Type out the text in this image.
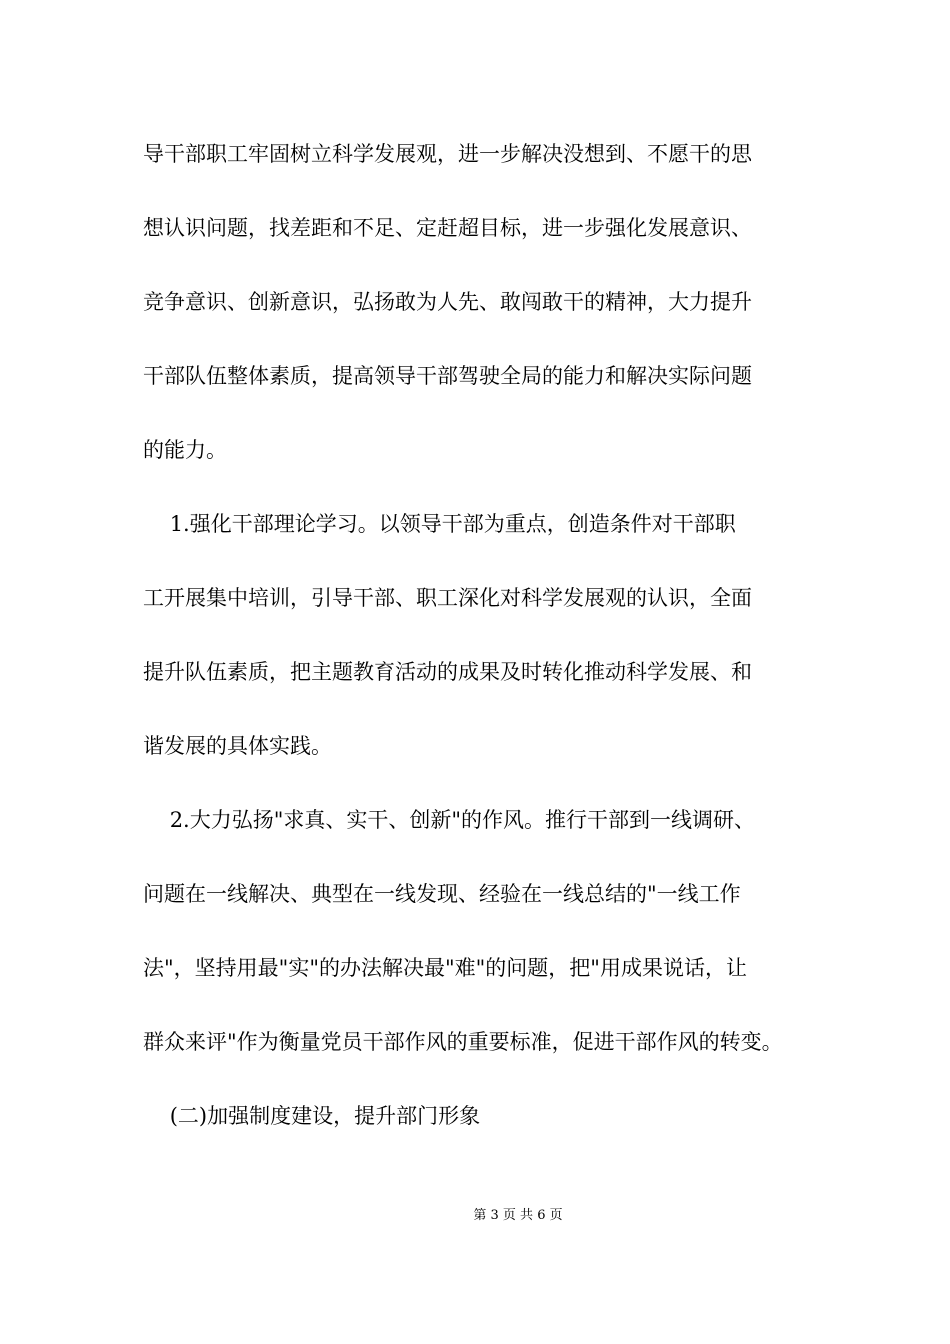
导干部职工牢固树立科学发展观，进一步解决没想到、不愿干的思
想认识问题，找差距和不足、定赶超目标，进一步强化发展意识、
竞争意识、创新意识，弘扬敢为人先、敢闯敢干的精神，大力提升
干部队伍整体素质，提高领导干部驾驶全局的能力和解决实际问题
的能力。
1.强化干部理论学习。以领导干部为重点，创造条件对干部职
工开展集中培训，引导干部、职工深化对科学发展观的认识，全面
提升队伍素质，把主题教育活动的成果及时转化推动科学发展、和
谐发展的具体实践。
2.大力弘扬"求真、实干、创新"的作风。推行干部到一线调研、
问题在一线解决、典型在一线发现、经验在一线总结的"一线工作
法"，坚持用最"实"的办法解决最"难"的问题，把"用成果说话，让
群众来评"作为衡量党员干部作风的重要标准，促进干部作风的转变。
(二)加强制度建设，提升部门形象
第 3 页 共 6 页
